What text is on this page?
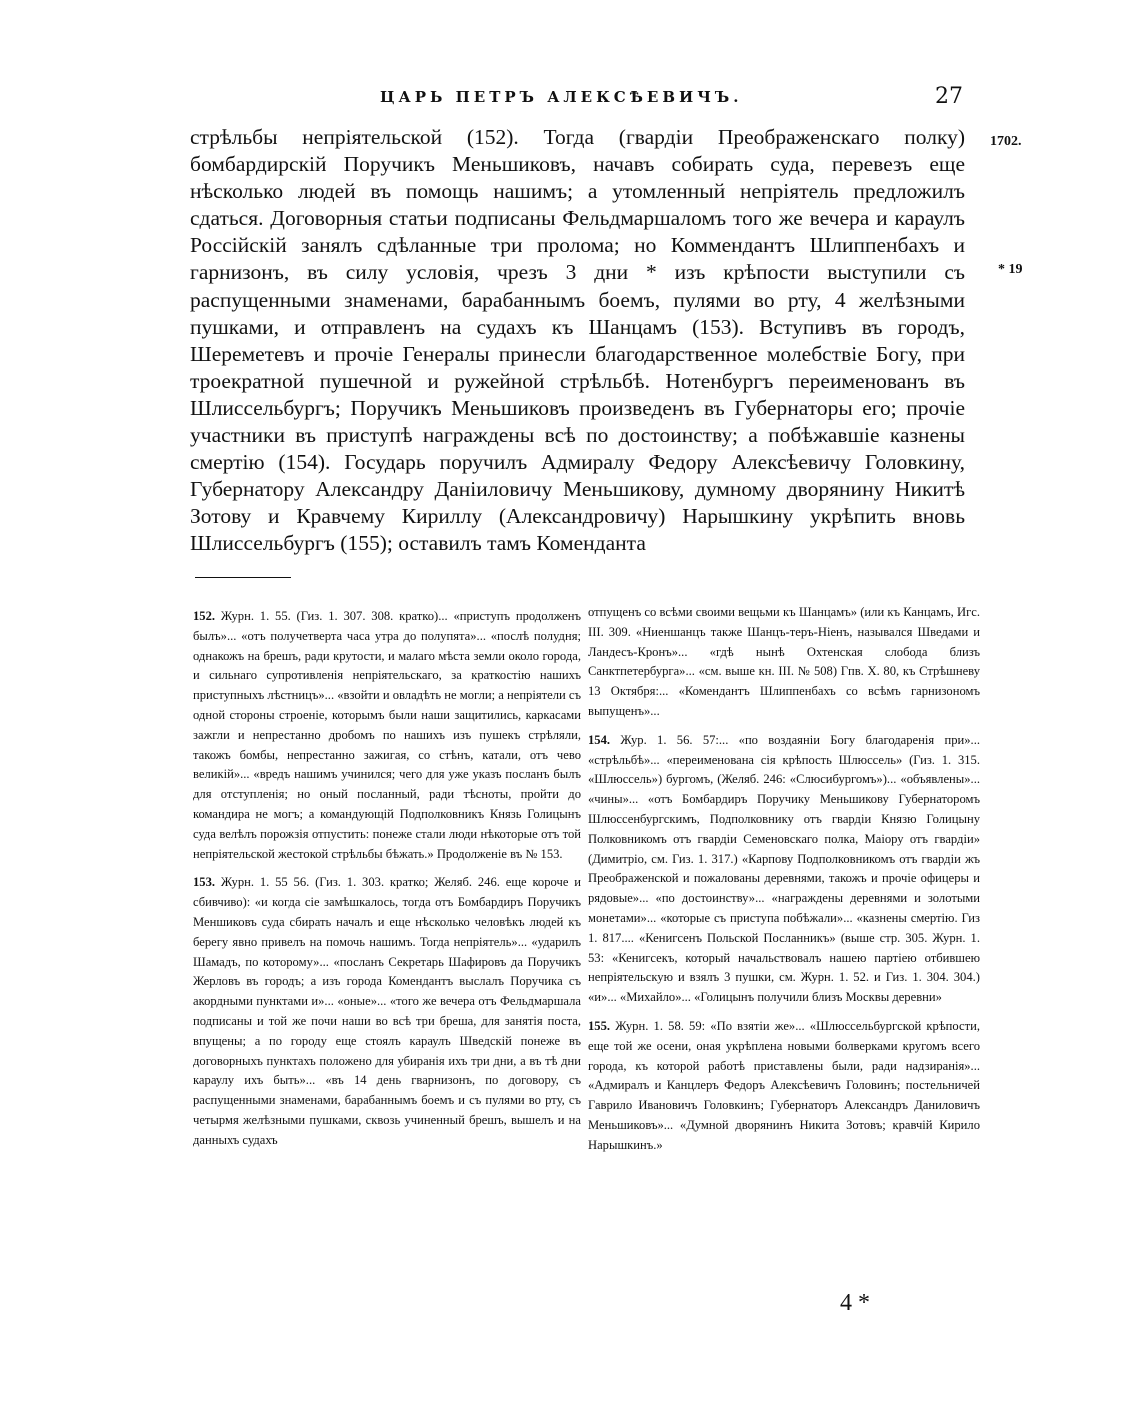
ЦАРЬ ПЕТРЪ АЛЕКСѢЕВИЧЪ.	27
1702.
* 19

стрѣльбы непріятельской (152). Тогда (гвардіи Преображенскаго полку) бомбардирскій Поручикъ Меньшиковъ, начавъ собирать суда, перевезъ еще нѣсколько людей въ помощь нашимъ; а утомленный непріятель предложилъ сдаться. Договорныя статьи подписаны Фельдмаршаломъ того же вечера и караулъ Россійскій занялъ сдѣланные три пролома; но Коммендантъ Шлиппенбахъ и гарнизонъ, въ силу условія, чрезъ 3 дни * изъ крѣпости выступили съ распущенными знаменами, барабаннымъ боемъ, пулями во рту, 4 желѣзными пушками, и отправленъ на судахъ къ Шанцамъ (153). Вступивъ въ городъ, Шереметевъ и прочіе Генералы принесли благодарственное молебствіе Богу, при троекратной пушечной и ружейной стрѣльбѣ. Нотенбургъ переименованъ въ Шлиссельбургъ; Поручикъ Меньшиковъ произведенъ въ Губернаторы его; прочіе участники въ приступѣ награждены всѣ по достоинству; а побѣжавшіе казнены смертію (154). Государь поручилъ Адмиралу Федору Алексѣевичу Головкину, Губернатору Александру Даніиловичу Меньшикову, думному дворянину Никитѣ Зотову и Кравчему Кириллу (Александровичу) Нарышкину укрѣпить вновь Шлиссельбургъ (155); оставилъ тамъ Коменданта

152. Журн. 1. 55. (Гиз. 1. 307. 308. кратко)... «приступъ продолженъ былъ»... «отъ получетверта часа утра до полупята»... «послѣ полудня; однакожъ на брешъ, ради крутости, и малаго мѣста земли около города, и сильнаго супротивленія непріятельскаго, за краткостію нашихъ приступныхъ лѣстницъ»... «взойти и овладѣть не могли; а непріятели съ одной стороны строеніе, которымъ были наши защитились, каркасами зажгли и непрестанно дробомъ по нашихъ изъ пушекъ стрѣляли, такожъ бомбы, непрестанно зажигая, со стѣнъ, катали, отъ чево великій»... «вредъ нашимъ учинился; чего для уже указъ посланъ былъ для отступленія; но оный посланный, ради тѣсноты, пройти до командира не могъ; а командующій Подполковникъ Князь Голицынъ суда велѣлъ порожзія отпустить: понеже стали люди нѣкоторые отъ той непріятельской жестокой стрѣльбы бѣжать.» Продолженіе въ № 153.

153. Журн. 1. 55 56. (Гиз. 1. 303. кратко; Желяб. 246. еще короче и сбивчиво): «и когда сіе замѣшкалось, тогда отъ Бомбардиръ Поручикъ Меншиковъ суда сбирать началъ и еще нѣсколько человѣкъ людей къ берегу явно привелъ на помочь нашимъ. Тогда непріятель»... «ударилъ Шамадъ, по которому»... «посланъ Секретарь Шафировъ да Поручикъ Жерловъ въ городъ; а изъ города Комендантъ выслалъ Поручика съ акордными пунктами и»... «оные»... «того же вечера отъ Фельдмаршала подписаны и той же почи наши во всѣ три бреша, для занятія поста, впущены; а по городу еще стоялъ караулъ Шведскій понеже въ договорныхъ пунктахъ положено для убиранія ихъ три дни, а въ тѣ дни караулу ихъ быть»... «въ 14 день гварнизонъ, по договору, съ распущенными знаменами, барабаннымъ боемъ и съ пулями во рту, съ четырмя желѣзными пушками, сквозь учиненный брешъ, вышелъ и на данныхъ судахъ

отпущенъ со всѣми своими вещьми къ Шанцамъ» (или къ Канцамъ, Игс. III. 309. «Ниеншанцъ также Шанцъ-теръ-Ніенъ, назывался Шведами и Ландесъ-Кронъ»... «гдѣ нынѣ Охтенская слобода близъ Санктпетербурга»... «см. выше кн. III. № 508) Гпв. X. 80, къ Стрѣшневу 13 Октября:... «Комендантъ Шлиппенбахъ со всѣмъ гарнизономъ выпущенъ»...

154. Жур. 1. 56. 57:... «по воздаяніи Богу благодаренія при»... «стрѣльбѣ»... «переименована сія крѣпость Шлюссель» (Гиз. 1. 315. «Шлюссель») бургомъ, (Желяб. 246: «Слюсибургомъ»)... «объявлены»... «чины»... «отъ Бомбардиръ Поручику Меньшикову Губернаторомъ Шлюссенбургскимъ, Подполковнику отъ гвардіи Князю Голицыну Полковникомъ отъ гвардіи Семеновскаго полка, Маіору отъ гвардіи» (Димитріо, см. Гиз. 1. 317.) «Карпову Подполковникомъ отъ гвардіи жъ Преображенской и пожалованы деревнями, такожъ и прочіе офицеры и рядовые»... «по достоинству»... «награждены деревнями и золотыми монетами»... «которые съ приступа побѣжали»... «казнены смертію. Гиз 1. 817.... «Кенигсенъ Польской Посланникъ» (выше стр. 305. Журн. 1. 53: «Кенигсекъ, который начальствовалъ нашею партіею отбившею непріятельскую и взялъ 3 пушки, см. Журн. 1. 52. и Гиз. 1. 304. 304.) «и»... «Михайло»... «Голицынъ получили близъ Москвы деревни»

155. Журн. 1. 58. 59: «По взятіи же»... «Шлюссельбургской крѣпости, еще той же осени, оная укрѣплена новыми болверками кругомъ всего города, къ которой работѣ приставлены были, ради надзиранія»... «Адмиралъ и Канцлеръ Федоръ Алексѣевичъ Головинъ; постельничей Гаврило Ивановичъ Головкинъ; Губернаторъ Александръ Даниловичъ Меньшиковъ»... «Думной дворянинъ Никита Зотовъ; кравчій Кирило Нарышкинъ.»

4 *
